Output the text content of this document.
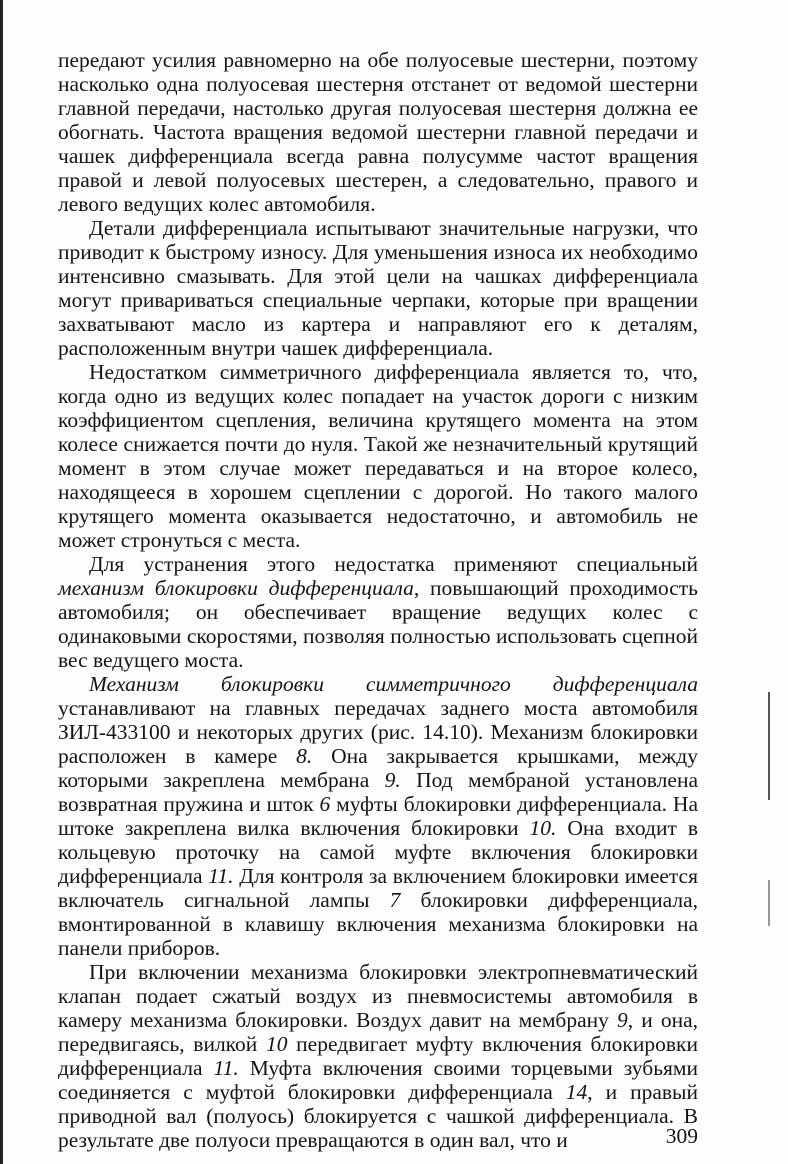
передают усилия равномерно на обе полуосевые шестерни, поэтому насколько одна полуосевая шестерня отстанет от ведомой шестерни главной передачи, настолько другая полуосевая шестерня должна ее обогнать. Частота вращения ведомой шестерни главной передачи и чашек дифференциала всегда равна полусумме частот вращения правой и левой полуосевых шестерен, а следовательно, правого и левого ведущих колес автомобиля.

Детали дифференциала испытывают значительные нагрузки, что приводит к быстрому износу. Для уменьшения износа их необходимо интенсивно смазывать. Для этой цели на чашках дифференциала могут привариваться специальные черпаки, которые при вращении захватывают масло из картера и направляют его к деталям, расположенным внутри чашек дифференциала.

Недостатком симметричного дифференциала является то, что, когда одно из ведущих колес попадает на участок дороги с низким коэффициентом сцепления, величина крутящего момента на этом колесе снижается почти до нуля. Такой же незначительный крутящий момент в этом случае может передаваться и на второе колесо, находящееся в хорошем сцеплении с дорогой. Но такого малого крутящего момента оказывается недостаточно, и автомобиль не может стронуться с места.

Для устранения этого недостатка применяют специальный механизм блокировки дифференциала, повышающий проходимость автомобиля; он обеспечивает вращение ведущих колес с одинаковыми скоростями, позволяя полностью использовать сцепной вес ведущего моста.

Механизм блокировки симметричного дифференциала устанавливают на главных передачах заднего моста автомобиля ЗИЛ-433100 и некоторых других (рис. 14.10). Механизм блокировки расположен в камере 8. Она закрывается крышками, между которыми закреплена мембрана 9. Под мембраной установлена возвратная пружина и шток 6 муфты блокировки дифференциала. На штоке закреплена вилка включения блокировки 10. Она входит в кольцевую проточку на самой муфте включения блокировки дифференциала 11. Для контроля за включением блокировки имеется включатель сигнальной лампы 7 блокировки дифференциала, вмонтированной в клавишу включения механизма блокировки на панели приборов.

При включении механизма блокировки электропневматический клапан подает сжатый воздух из пневмосистемы автомобиля в камеру механизма блокировки. Воздух давит на мембрану 9, и она, передвигаясь, вилкой 10 передвигает муфту включения блокировки дифференциала 11. Муфта включения своими торцевыми зубьями соединяется с муфтой блокировки дифференциала 14, и правый приводной вал (полуось) блокируется с чашкой дифференциала. В результате две полуоси превращаются в один вал, что и	309
